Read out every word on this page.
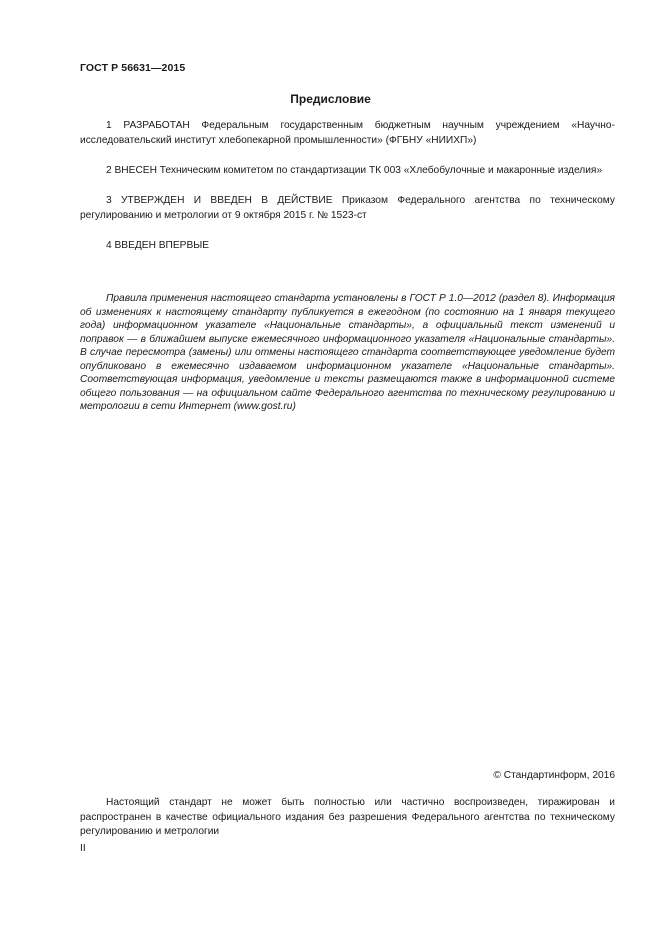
ГОСТ Р 56631—2015
Предисловие

1 РАЗРАБОТАН Федеральным государственным бюджетным научным учреждением «Научно-исследовательский институт хлебопекарной промышленности» (ФГБНУ «НИИХП»)

2 ВНЕСЕН Техническим комитетом по стандартизации ТК 003 «Хлебобулочные и макаронные изделия»

3 УТВЕРЖДЕН И ВВЕДЕН В ДЕЙСТВИЕ Приказом Федерального агентства по техническому регулированию и метрологии от 9 октября 2015 г. № 1523-ст

4 ВВЕДЕН ВПЕРВЫЕ

Правила применения настоящего стандарта установлены в ГОСТ Р 1.0—2012 (раздел 8). Информация об изменениях к настоящему стандарту публикуется в ежегодном (по состоянию на 1 января текущего года) информационном указателе «Национальные стандарты», а официальный текст изменений и поправок — в ближайшем выпуске ежемесячного информационного указателя «Национальные стандарты». В случае пересмотра (замены) или отмены настоящего стандарта соответствующее уведомление будет опубликовано в ежемесячно издаваемом информационном указателе «Национальные стандарты». Соответствующая информация, уведомление и тексты размещаются также в информационной системе общего пользования — на официальном сайте Федерального агентства по техническому регулированию и метрологии в сети Интернет (www.gost.ru)

© Стандартинформ, 2016

Настоящий стандарт не может быть полностью или частично воспроизведен, тиражирован и распространен в качестве официального издания без разрешения Федерального агентства по техническому регулированию и метрологии

II
